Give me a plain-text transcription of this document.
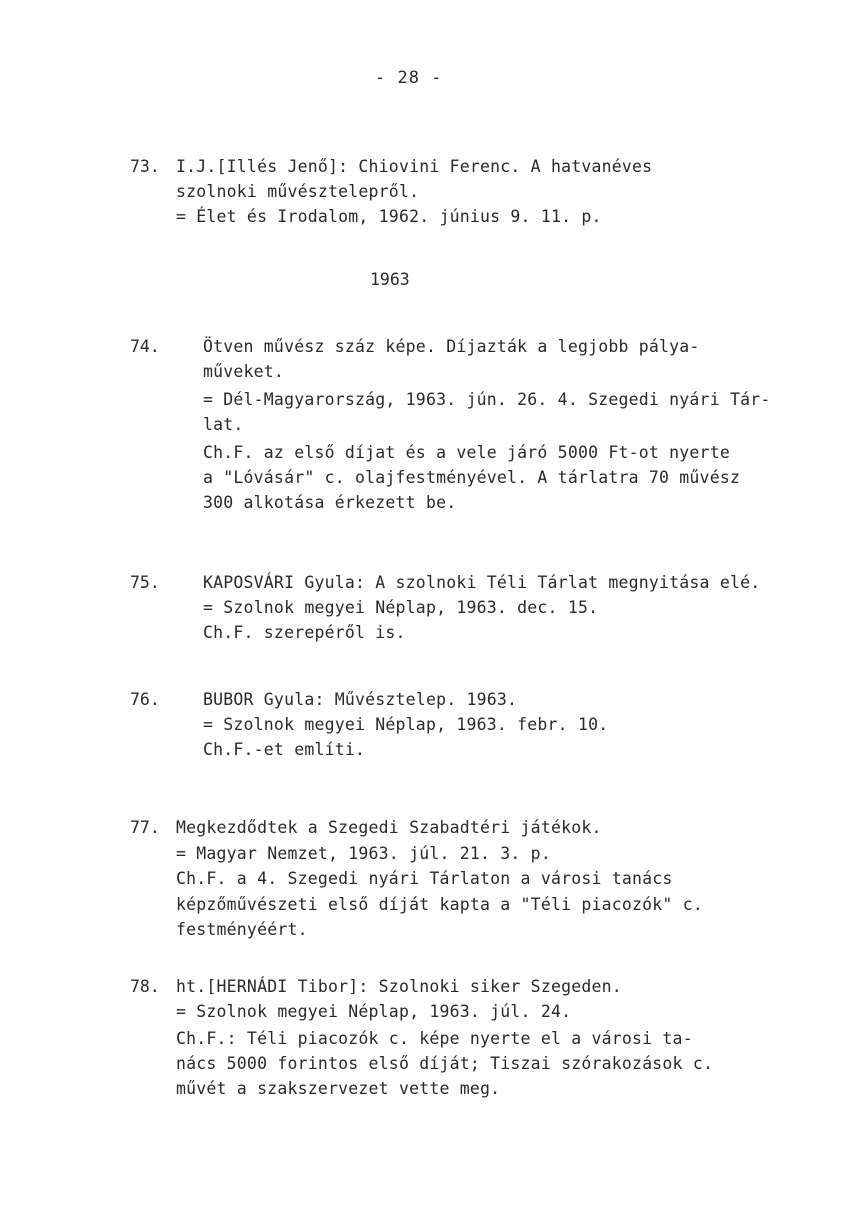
- 28 -
73. I.J.[Illés Jenő]: Chiovini Ferenc. A hatvanéves
szolnoki művésztelepről.
= Élet és Irodalom, 1962. június 9. 11. p.
1963
74.	Ötven művész száz képe. Díjazták a legjobb pálya-
műveket.
= Dél-Magyarország, 1963. jún. 26. 4. Szegedi nyári Tár-
lat.
Ch.F. az első díjat és a vele járó 5000 Ft-ot nyerte
a "Lóvásár" c. olajfestményével. A tárlatra 70 művész
300 alkotása érkezett be.
75.	KAPOSVÁRI Gyula: A szolnoki Téli Tárlat megnyitása elé.
= Szolnok megyei Néplap, 1963. dec. 15.
Ch.F. szerepéről is.
76.	BUBOR Gyula: Művésztelep. 1963.
= Szolnok megyei Néplap, 1963. febr. 10.
Ch.F.-et említi.
77. Megkezdődtek a Szegedi Szabadtéri játékok.
= Magyar Nemzet, 1963. júl. 21. 3. p.
Ch.F. a 4. Szegedi nyári Tárlaton a városi tanács
képzőművészeti első díját kapta a "Téli piacozók" c.
festményéért.
78. ht.[HERNÁDI Tibor]: Szolnoki siker Szegeden.
= Szolnok megyei Néplap, 1963. júl. 24.
Ch.F.: Téli piacozók c. képe nyerte el a városi ta-
nács 5000 forintos első díját; Tiszai szórakozások c.
művét a szakszervezet vette meg.
